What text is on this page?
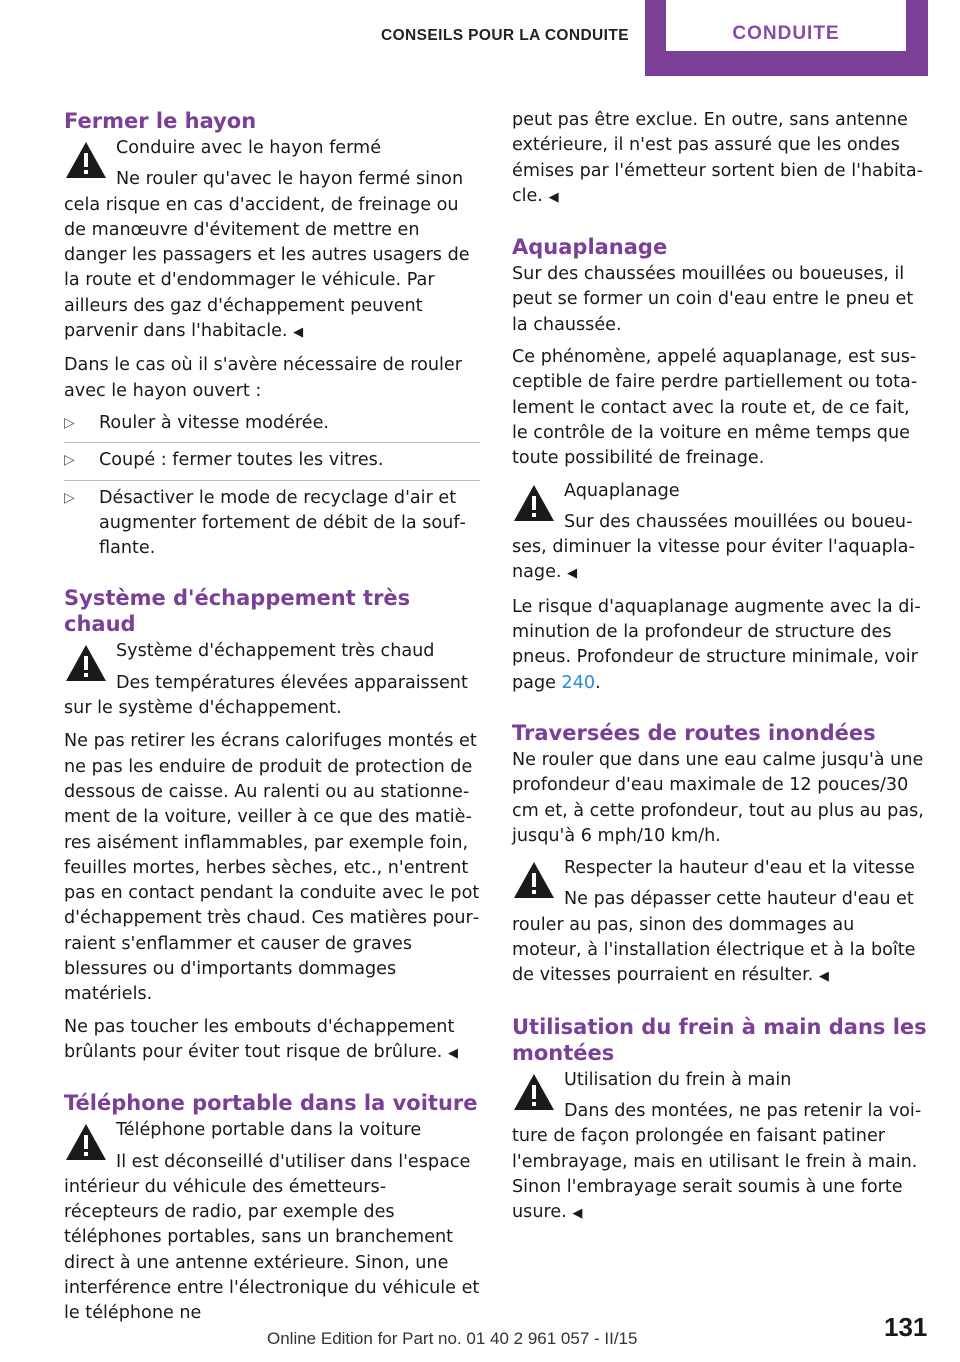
CONSEILS POUR LA CONDUITE	CONDUITE
Fermer le hayon

Conduire avec le hayon fermé

Ne rouler qu'avec le hayon fermé sinon cela risque en cas d'accident, de freinage ou de manœuvre d'évitement de mettre en danger les passagers et les autres usagers de la route et d'endommager le véhicule. Par ailleurs des gaz d'échappement peuvent parvenir dans l'habitacle. ◀

Dans le cas où il s'avère nécessaire de rouler avec le hayon ouvert :

▷ Rouler à vitesse modérée.
▷ Coupé : fermer toutes les vitres.
▷ Désactiver le mode de recyclage d'air et augmenter fortement de débit de la soufflante.
Système d'échappement très chaud

Système d'échappement très chaud

Des températures élevées apparaissent sur le système d'échappement.

Ne pas retirer les écrans calorifuges montés et ne pas les enduire de produit de protection de dessous de caisse. Au ralenti ou au stationnement de la voiture, veiller à ce que des matières aisément inflammables, par exemple foin, feuilles mortes, herbes sèches, etc., n'entrent pas en contact pendant la conduite avec le pot d'échappement très chaud. Ces matières pourraient s'enflammer et causer de graves blessures ou d'importants dommages matériels.

Ne pas toucher les embouts d'échappement brûlants pour éviter tout risque de brûlure. ◀

Téléphone portable dans la voiture

Téléphone portable dans la voiture

Il est déconseillé d'utiliser dans l'espace intérieur du véhicule des émetteurs-récepteurs de radio, par exemple des téléphones portables, sans un branchement direct à une antenne extérieure. Sinon, une interférence entre l'électronique du véhicule et le téléphone ne

peut pas être exclue. En outre, sans antenne extérieure, il n'est pas assuré que les ondes émises par l'émetteur sortent bien de l'habitacle. ◀

Aquaplanage

Sur des chaussées mouillées ou boueuses, il peut se former un coin d'eau entre le pneu et la chaussée.

Ce phénomène, appelé aquaplanage, est susceptible de faire perdre partiellement ou totalement le contact avec la route et, de ce fait, le contrôle de la voiture en même temps que toute possibilité de freinage.

Aquaplanage

Sur des chaussées mouillées ou boueuses, diminuer la vitesse pour éviter l'aquaplanage. ◀

Le risque d'aquaplanage augmente avec la diminution de la profondeur de structure des pneus. Profondeur de structure minimale, voir page 240.

Traversées de routes inondées

Ne rouler que dans une eau calme jusqu'à une profondeur d'eau maximale de 12 pouces/30 cm et, à cette profondeur, tout au plus au pas, jusqu'à 6 mph/10 km/h.

Respecter la hauteur d'eau et la vitesse

Ne pas dépasser cette hauteur d'eau et rouler au pas, sinon des dommages au moteur, à l'installation électrique et à la boîte de vitesses pourraient en résulter. ◀

Utilisation du frein à main dans les montées

Utilisation du frein à main

Dans des montées, ne pas retenir la voiture de façon prolongée en faisant patiner l'embrayage, mais en utilisant le frein à main. Sinon l'embrayage serait soumis à une forte usure. ◀

Online Edition for Part no. 01 40 2 961 057 - II/15	131
